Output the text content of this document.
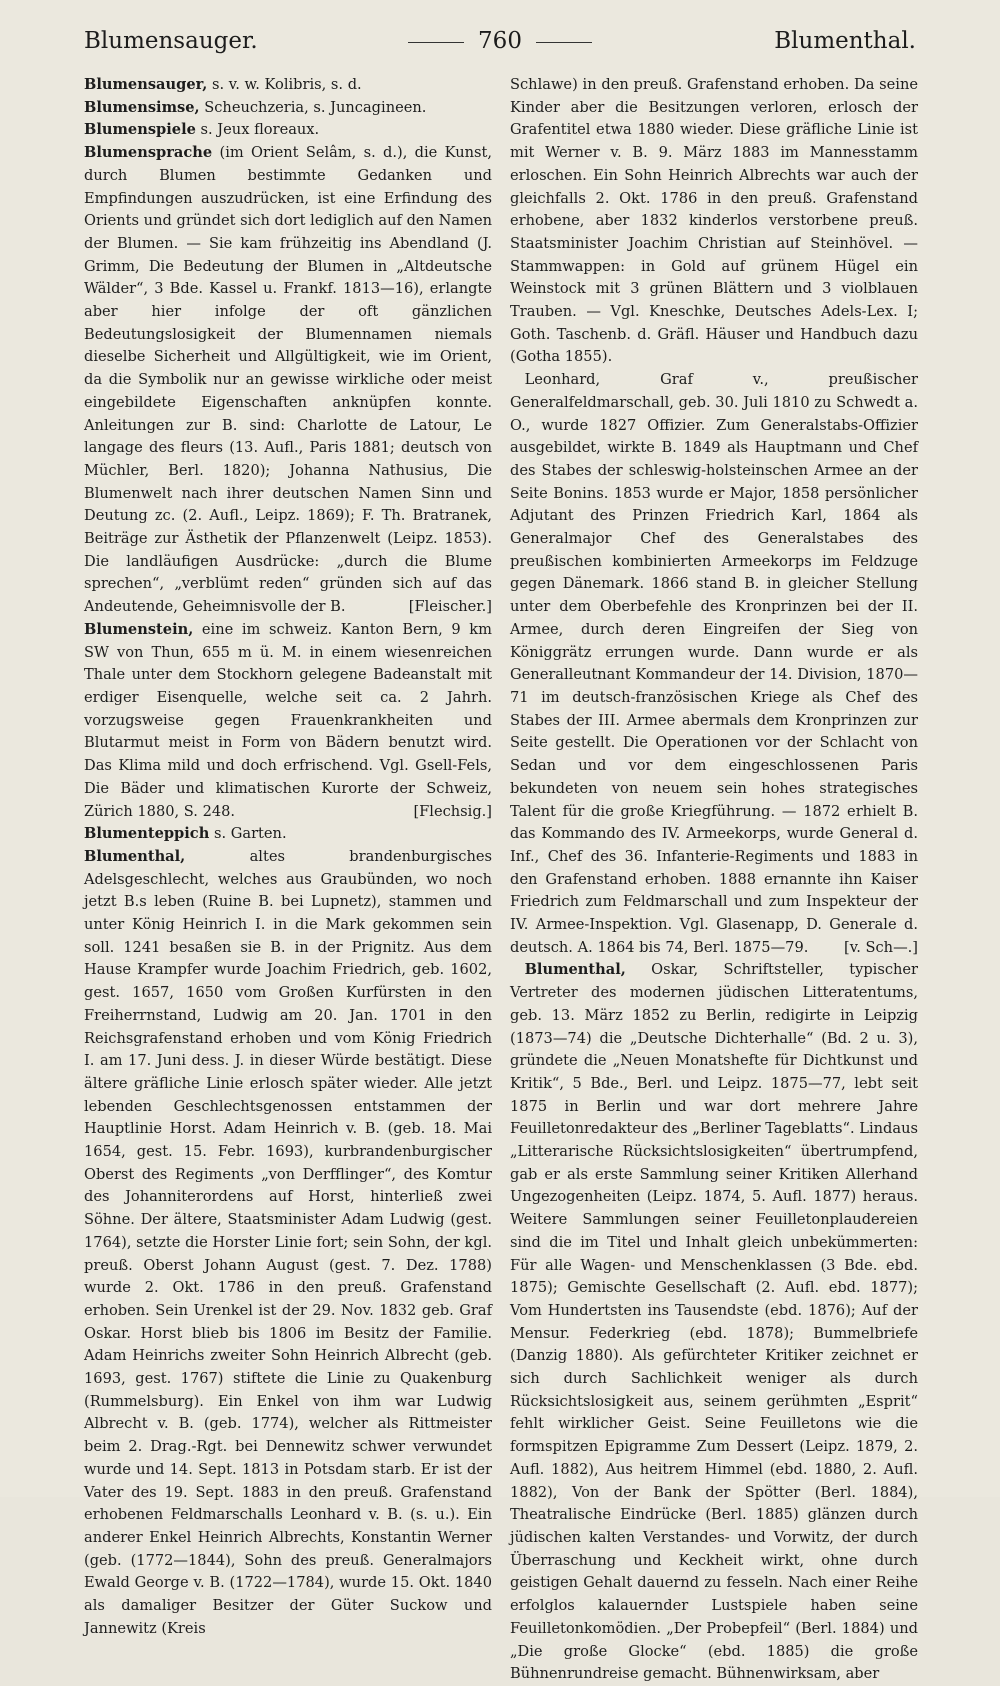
760
Blumensauger.	Blumenthal.

Blumensauger, s. v. w. Kolibris, s. d.

Blumensimse, Scheuchzeria, s. Juncagineen.

Blumenspiele s. Jeux floreaux.

Blumensprache (im Orient Selâm, s. d.), die Kunst, durch Blumen bestimmte Gedanken und Empfindungen auszudrücken, ist eine Erfindung des Orients und gründet sich dort lediglich auf den Namen der Blumen. — Sie kam frühzeitig ins Abendland (J. Grimm, Die Bedeutung der Blumen in „Altdeutsche Wälder“, 3 Bde. Kassel u. Frankf. 1813—16), erlangte aber hier infolge der oft gänzlichen Bedeutungslosigkeit der Blumennamen niemals dieselbe Sicherheit und Allgültigkeit, wie im Orient, da die Symbolik nur an gewisse wirkliche oder meist eingebildete Eigenschaften anknüpfen konnte. Anleitungen zur B. sind: Charlotte de Latour, Le langage des fleurs (13. Aufl., Paris 1881; deutsch von Müchler, Berl. 1820); Johanna Nathusius, Die Blumenwelt nach ihrer deutschen Namen Sinn und Deutung zc. (2. Aufl., Leipz. 1869); F. Th. Bratranek, Beiträge zur Ästhetik der Pflanzenwelt (Leipz. 1853). Die landläufigen Ausdrücke: „durch die Blume sprechen“, „verblümt reden“ gründen sich auf das Andeutende, Geheimnisvolle der B.	[Fleischer.]

Blumenstein, eine im schweiz. Kanton Bern, 9 km SW von Thun, 655 m ü. M. in einem wiesenreichen Thale unter dem Stockhorn gelegene Badeanstalt mit erdiger Eisenquelle, welche seit ca. 2 Jahrh. vorzugsweise gegen Frauenkrankheiten und Blutarmut meist in Form von Bädern benutzt wird. Das Klima mild und doch erfrischend. Vgl. Gsell-Fels, Die Bäder und klimatischen Kurorte der Schweiz, Zürich 1880, S. 248.	[Flechsig.]

Blumenteppich s. Garten.

Blumenthal, altes brandenburgisches Adelsgeschlecht, welches aus Graubünden, wo noch jetzt B.s leben (Ruine B. bei Lupnetz), stammen und unter König Heinrich I. in die Mark gekommen sein soll. 1241 besaßen sie B. in der Prignitz. Aus dem Hause Krampfer wurde Joachim Friedrich, geb. 1602, gest. 1657, 1650 vom Großen Kurfürsten in den Freiherrnstand, Ludwig am 20. Jan. 1701 in den Reichsgrafenstand erhoben und vom König Friedrich I. am 17. Juni dess. J. in dieser Würde bestätigt. Diese ältere gräfliche Linie erlosch später wieder. Alle jetzt lebenden Geschlechtsgenossen entstammen der Hauptlinie Horst. Adam Heinrich v. B. (geb. 18. Mai 1654, gest. 15. Febr. 1693), kurbrandenburgischer Oberst des Regiments „von Derfflinger“, des Komtur des Johanniterordens auf Horst, hinterließ zwei Söhne. Der ältere, Staatsminister Adam Ludwig (gest. 1764), setzte die Horster Linie fort; sein Sohn, der kgl. preuß. Oberst Johann August (gest. 7. Dez. 1788) wurde 2. Okt. 1786 in den preuß. Grafenstand erhoben. Sein Urenkel ist der 29. Nov. 1832 geb. Graf Oskar. Horst blieb bis 1806 im Besitz der Familie. Adam Heinrichs zweiter Sohn Heinrich Albrecht (geb. 1693, gest. 1767) stiftete die Linie zu Quakenburg (Rummelsburg). Ein Enkel von ihm war Ludwig Albrecht v. B. (geb. 1774), welcher als Rittmeister beim 2. Drag.-Rgt. bei Dennewitz schwer verwundet wurde und 14. Sept. 1813 in Potsdam starb. Er ist der Vater des 19. Sept. 1883 in den preuß. Grafenstand erhobenen Feldmarschalls Leonhard v. B. (s. u.). Ein anderer Enkel Heinrich Albrechts, Konstantin Werner (geb. (1772—1844), Sohn des preuß. Generalmajors Ewald George v. B. (1722—1784), wurde 15. Okt. 1840 als damaliger Besitzer der Güter Suckow und Jannewitz (Kreis

Schlawe) in den preuß. Grafenstand erhoben. Da seine Kinder aber die Besitzungen verloren, erlosch der Grafentitel etwa 1880 wieder. Diese gräfliche Linie ist mit Werner v. B. 9. März 1883 im Mannesstamm erloschen. Ein Sohn Heinrich Albrechts war auch der gleichfalls 2. Okt. 1786 in den preuß. Grafenstand erhobene, aber 1832 kinderlos verstorbene preuß. Staatsminister Joachim Christian auf Steinhövel. — Stammwappen: in Gold auf grünem Hügel ein Weinstock mit 3 grünen Blättern und 3 violblauen Trauben. — Vgl. Kneschke, Deutsches Adels-Lex. I; Goth. Taschenb. d. Gräfl. Häuser und Handbuch dazu (Gotha 1855).

 Leonhard, Graf v., preußischer Generalfeldmarschall, geb. 30. Juli 1810 zu Schwedt a. O., wurde 1827 Offizier. Zum Generalstabs-Offizier ausgebildet, wirkte B. 1849 als Hauptmann und Chef des Stabes der schleswig-holsteinschen Armee an der Seite Bonins. 1853 wurde er Major, 1858 persönlicher Adjutant des Prinzen Friedrich Karl, 1864 als Generalmajor Chef des Generalstabes des preußischen kombinierten Armeekorps im Feldzuge gegen Dänemark. 1866 stand B. in gleicher Stellung unter dem Oberbefehle des Kronprinzen bei der II. Armee, durch deren Eingreifen der Sieg von Königgrätz errungen wurde. Dann wurde er als Generalleutnant Kommandeur der 14. Division, 1870—71 im deutsch-französischen Kriege als Chef des Stabes der III. Armee abermals dem Kronprinzen zur Seite gestellt. Die Operationen vor der Schlacht von Sedan und vor dem eingeschlossenen Paris bekundeten von neuem sein hohes strategisches Talent für die große Kriegführung. — 1872 erhielt B. das Kommando des IV. Armeekorps, wurde General d. Inf., Chef des 36. Infanterie-Regiments und 1883 in den Grafenstand erhoben. 1888 ernannte ihn Kaiser Friedrich zum Feldmarschall und zum Inspekteur der IV. Armee-Inspektion. Vgl. Glasenapp, D. Generale d. deutsch. A. 1864 bis 74, Berl. 1875—79. [v. Sch—.]

 Blumenthal, Oskar, Schriftsteller, typischer Vertreter des modernen jüdischen Litteratentums, geb. 13. März 1852 zu Berlin, redigirte in Leipzig (1873—74) die „Deutsche Dichterhalle“ (Bd. 2 u. 3), gründete die „Neuen Monatshefte für Dichtkunst und Kritik“, 5 Bde., Berl. und Leipz. 1875—77, lebt seit 1875 in Berlin und war dort mehrere Jahre Feuilletonredakteur des „Berliner Tageblatts“. Lindaus „Litterarische Rücksichtslosigkeiten“ übertrumpfend, gab er als erste Sammlung seiner Kritiken Allerhand Ungezogenheiten (Leipz. 1874, 5. Aufl. 1877) heraus. Weitere Sammlungen seiner Feuilletonplaudereien sind die im Titel und Inhalt gleich unbekümmerten: Für alle Wagen- und Menschenklassen (3 Bde. ebd. 1875); Gemischte Gesellschaft (2. Aufl. ebd. 1877); Vom Hundertsten ins Tausendste (ebd. 1876); Auf der Mensur. Federkrieg (ebd. 1878); Bummelbriefe (Danzig 1880). Als gefürchteter Kritiker zeichnet er sich durch Sachlichkeit weniger als durch Rücksichtslosigkeit aus, seinem gerühmten „Esprit“ fehlt wirklicher Geist. Seine Feuilletons wie die formspitzen Epigramme Zum Dessert (Leipz. 1879, 2. Aufl. 1882), Aus heitrem Himmel (ebd. 1880, 2. Aufl. 1882), Von der Bank der Spötter (Berl. 1884), Theatralische Eindrücke (Berl. 1885) glänzen durch jüdischen kalten Verstandes- und Vorwitz, der durch Überraschung und Keckheit wirkt, ohne durch geistigen Gehalt dauernd zu fesseln. Nach einer Reihe erfolglos kalauernder Lustspiele haben seine Feuilletonkomödien. „Der Probepfeil“ (Berl. 1884) und „Die große Glocke“ (ebd. 1885) die große Bühnenrundreise gemacht. Bühnenwirksam, aber
